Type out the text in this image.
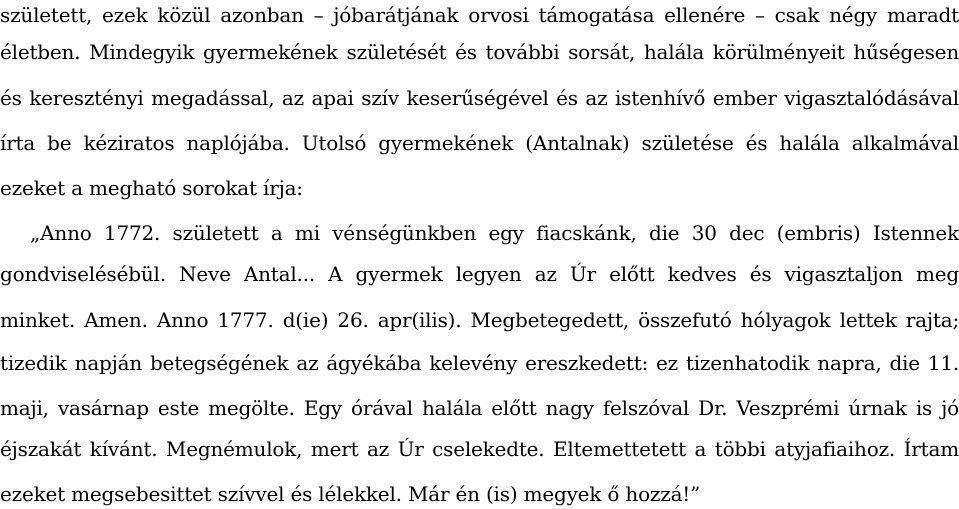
született, ezek közül azonban – jóbarátjának orvosi támogatása ellenére – csak négy maradt
életben. Mindegyik gyermekének születését és további sorsát, halála körülményeit hűségesen
és keresztényi megadással, az apai szív keserűségével és az istenhívő ember vigasztalódásával
írta be kéziratos naplójába. Utolsó gyermekének (Antalnak) születése és halála alkalmával
ezeket a megható sorokat írja:
„Anno 1772. született a mi vénségünkben egy fiacskánk, die 30 dec (embris) Istennek
gondviselésébül. Neve Antal... A gyermek legyen az Úr előtt kedves és vigasztaljon meg
minket. Amen. Anno 1777. d(ie) 26. apr(ilis). Megbetegedett, összefutó hólyagok lettek rajta;
tizedik napján betegségének az ágyékába kelevény ereszkedett: ez tizenhatodik napra, die 11.
maji, vasárnap este megölte. Egy órával halála előtt nagy felszóval Dr. Veszprémi úrnak is jó
éjszakát kívánt. Megnémulok, mert az Úr cselekedte. Eltemettetett a többi atyjafiaihoz. Írtam
ezeket megsebesittet szívvel és lélekkel. Már én (is) megyek ő hozzá!”
